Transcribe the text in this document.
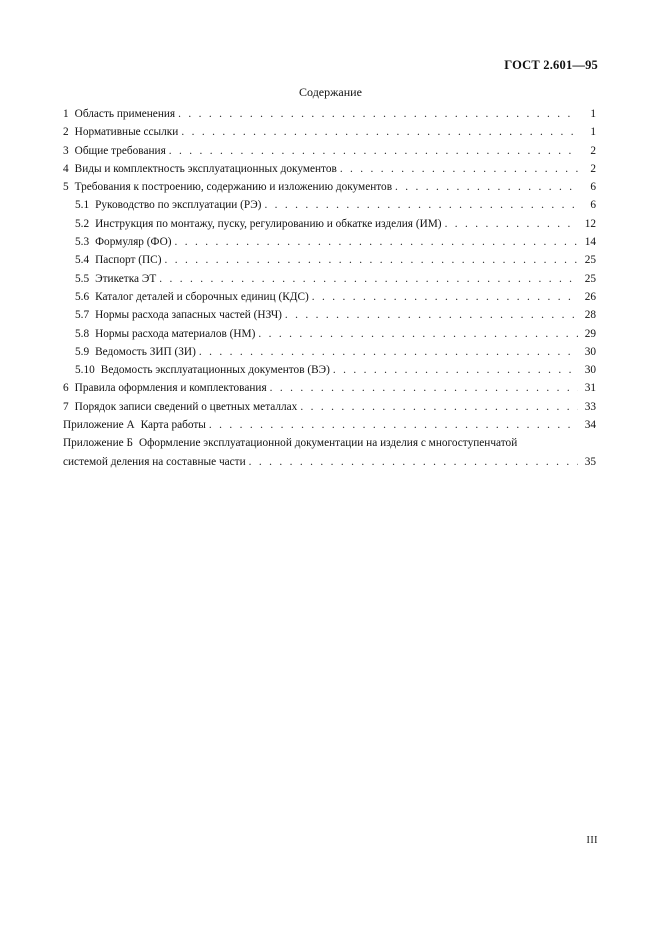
ГОСТ 2.601—95
Содержание
1 Область применения . . .	1
2 Нормативные ссылки . . .	1
3 Общие требования . . .	2
4 Виды и комплектность эксплуатационных документов . . .	2
5 Требования к построению, содержанию и изложению документов . . .	6
5.1 Руководство по эксплуатации (РЭ) . . .	6
5.2 Инструкция по монтажу, пуску, регулированию и обкатке изделия (ИМ) . . .	12
5.3 Формуляр (ФО) . . .	14
5.4 Паспорт (ПС) . . .	25
5.5 Этикетка ЭТ . . .	25
5.6 Каталог деталей и сборочных единиц (КДС) . . .	26
5.7 Нормы расхода запасных частей (НЗЧ) . . .	28
5.8 Нормы расхода материалов (НМ) . . .	29
5.9 Ведомость ЗИП (ЗИ) . . .	30
5.10 Ведомость эксплуатационных документов (ВЭ) . . .	30
6 Правила оформления и комплектования . . .	31
7 Порядок записи сведений о цветных металлах . . .	33
Приложение А Карта работы . . .	34
Приложение Б Оформление эксплуатационной документации на изделия с многоступенчатой
системой деления на составные части . . .	35
III
